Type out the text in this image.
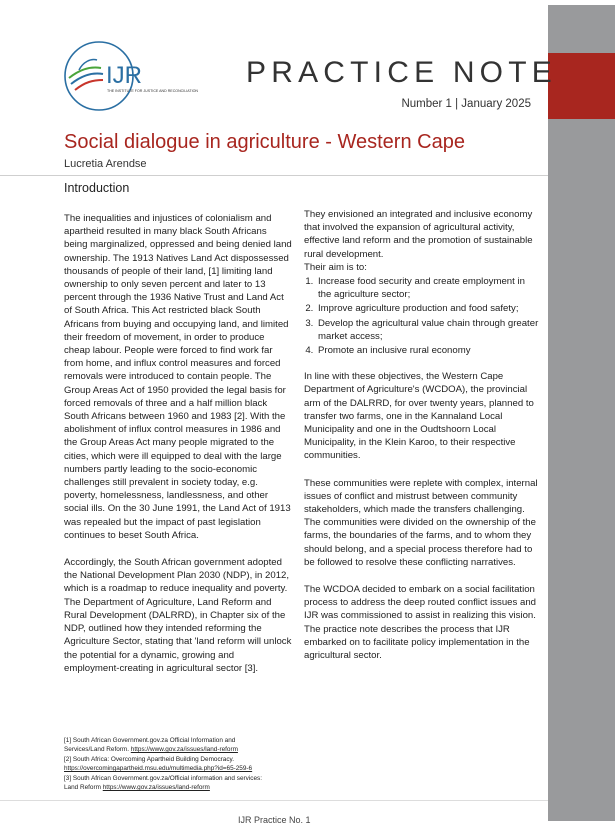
IJR
THE INSTITUTE FOR JUSTICE AND RECONCILIATION
PRACTICE NOTE
Number 1 | January 2025
Social dialogue in agriculture - Western Cape
Lucretia Arendse
Introduction

The inequalities and injustices of colonialism and apartheid resulted in many black South Africans being marginalized, oppressed and being denied land ownership. The 1913 Natives Land Act dispossessed thousands of people of their land, [1] limiting land ownership to only seven percent and later to 13 percent through the 1936 Native Trust and Land Act of South Africa. This Act restricted black South Africans from buying and occupying land, and limited their freedom of movement, in order to produce cheap labour. People were forced to find work far from home, and influx control measures and forced removals were introduced to contain people. The Group Areas Act of 1950 provided the legal basis for forced removals of three and a half million black South Africans between 1960 and 1983 [2]. With the abolishment of influx control measures in 1986 and the Group Areas Act many people migrated to the cities, which were ill equipped to deal with the large numbers partly leading to the socio-economic challenges still prevalent in society today, e.g. poverty, homelessness, landlessness, and other social ills. On the 30 June 1991, the Land Act of 1913 was repealed but the impact of past legislation continues to beset South Africa.

Accordingly, the South African government adopted the National Development Plan 2030 (NDP), in 2012, which is a roadmap to reduce inequality and poverty. The Department of Agriculture, Land Reform and Rural Development (DALRRD), in Chapter six of the NDP, outlined how they intended reforming the Agriculture Sector, stating that 'land reform will unlock the potential for a dynamic, growing and employment-creating in agricultural sector [3].

They envisioned an integrated and inclusive economy that involved the expansion of agricultural activity, effective land reform and the promotion of sustainable rural development.

Their aim is to:
1. Increase food security and create employment in the agriculture sector;
2. Improve agriculture production and food safety;
3. Develop the agricultural value chain through greater market access;
4. Promote an inclusive rural economy

In line with these objectives, the Western Cape Department of Agriculture's (WCDOA), the provincial arm of the DALRRD, for over twenty years, planned to transfer two farms, one in the Kannaland Local Municipality and one in the Oudtshoorn Local Municipality, in the Klein Karoo, to their respective communities.

These communities were replete with complex, internal issues of conflict and mistrust between community stakeholders, which made the transfers challenging. The communities were divided on the ownership of the farms, the boundaries of the farms, and to whom they should belong, and a special process therefore had to be followed to resolve these conflicting narratives.

The WCDOA decided to embark on a social facilitation process to address the deep routed conflict issues and IJR was commissioned to assist in realizing this vision. The practice note describes the process that IJR embarked on to facilitate policy implementation in the agricultural sector.

[1] South African Government.gov.za Official Information and
Services/Land Reform. https://www.gov.za/issues/land-reform
[2] South Africa: Overcoming Apartheid Building Democracy.
https://overcomingapartheid.msu.edu/multimedia.php?id=65-259-6
[3] South African Government.gov.za/Official information and services:
Land Reform https://www.gov.za/issues/land-reform
IJR Practice No. 1
